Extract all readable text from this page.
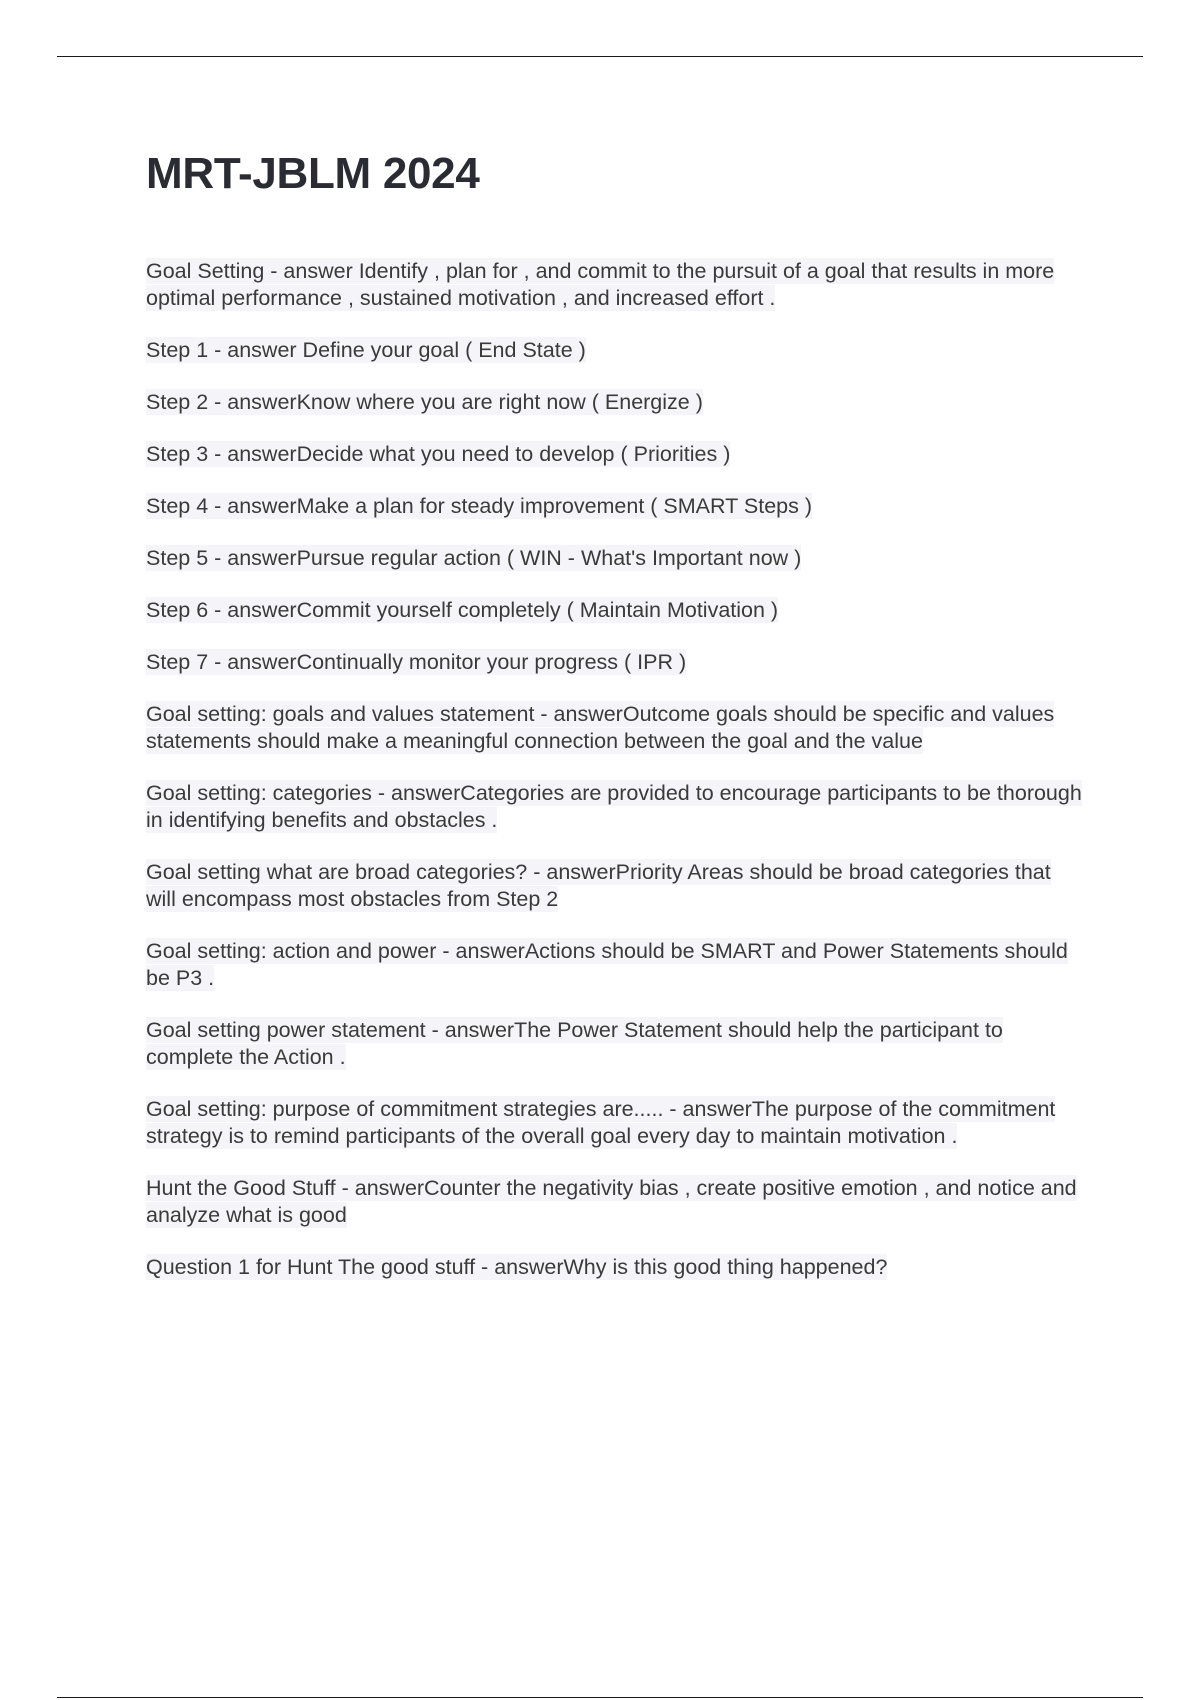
MRT-JBLM 2024
Goal Setting - answer Identify , plan for , and commit to the pursuit of a goal that results in more optimal performance , sustained motivation , and increased effort .
Step 1 - answer Define your goal ( End State )
Step 2 - answerKnow where you are right now ( Energize )
Step 3 - answerDecide what you need to develop ( Priorities )
Step 4 - answerMake a plan for steady improvement ( SMART Steps )
Step 5 - answerPursue regular action ( WIN - What's Important now )
Step 6 - answerCommit yourself completely ( Maintain Motivation )
Step 7 - answerContinually monitor your progress ( IPR )
Goal setting: goals and values statement - answerOutcome goals should be specific and values statements should make a meaningful connection between the goal and the value
Goal setting: categories - answerCategories are provided to encourage participants to be thorough in identifying benefits and obstacles .
Goal setting what are broad categories? - answerPriority Areas should be broad categories that will encompass most obstacles from Step 2
Goal setting: action and power - answerActions should be SMART and Power Statements should be P3 .
Goal setting power statement - answerThe Power Statement should help the participant to complete the Action .
Goal setting: purpose of commitment strategies are..... - answerThe purpose of the commitment strategy is to remind participants of the overall goal every day to maintain motivation .
Hunt the Good Stuff - answerCounter the negativity bias , create positive emotion , and notice and analyze what is good
Question 1 for Hunt The good stuff - answerWhy is this good thing happened?
